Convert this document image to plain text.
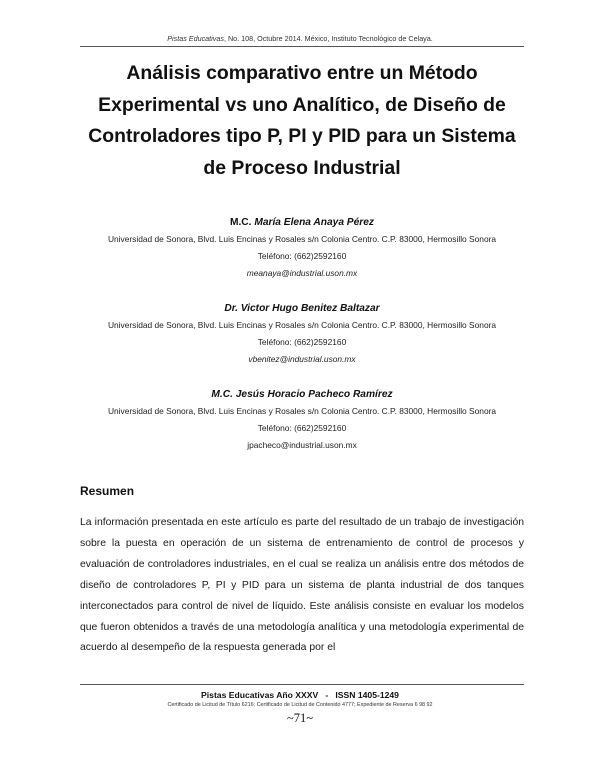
Pistas Educativas, No. 108, Octubre 2014. México, Instituto Tecnológico de Celaya.
Análisis comparativo entre un Método
Experimental vs uno Analítico, de Diseño de
Controladores tipo P, PI y PID para un Sistema
de Proceso Industrial
M.C. María Elena Anaya Pérez
Universidad de Sonora, Blvd. Luis Encinas y Rosales s/n Colonia Centro. C.P. 83000, Hermosillo Sonora
Teléfono: (662)2592160
meanaya@industrial.uson.mx
Dr. Victor Hugo Benitez Baltazar
Universidad de Sonora, Blvd. Luis Encinas y Rosales s/n Colonia Centro. C.P. 83000, Hermosillo Sonora
Teléfono: (662)2592160
vbenitez@industrial.uson.mx
M.C. Jesús Horacio Pacheco Ramírez
Universidad de Sonora, Blvd. Luis Encinas y Rosales s/n Colonia Centro. C.P. 83000, Hermosillo Sonora
Teléfono: (662)2592160
jpacheco@industrial.uson.mx
Resumen

La información presentada en este artículo es parte del resultado de un trabajo de investigación sobre la puesta en operación de un sistema de entrenamiento de control de procesos y evaluación de controladores industriales, en el cual se realiza un análisis entre dos métodos de diseño de controladores P, PI y PID para un sistema de planta industrial de dos tanques interconectados para control de nivel de líquido. Este análisis consiste en evaluar los modelos que fueron obtenidos a través de una metodología analítica y una metodología experimental de acuerdo al desempeño de la respuesta generada por el

Pistas Educativas Año XXXV   -   ISSN 1405-1249
Certificado de Licitud de Título 6216; Certificado de Licitud de Contenido 4777; Expediente de Reserva 6 98 92
~71~
